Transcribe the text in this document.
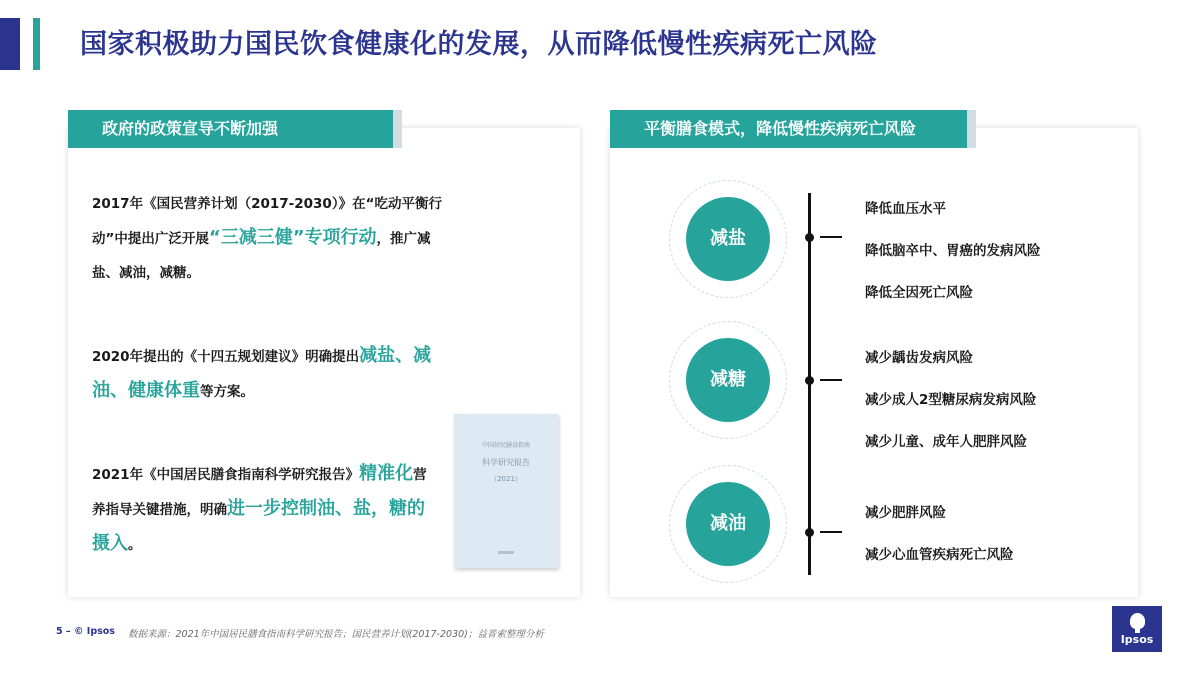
国家积极助力国民饮食健康化的发展，从而降低慢性疾病死亡风险
政府的政策宣导不断加强
2017年《国民营养计划（2017-2030）》在“吃动平衡行动”中提出广泛开展“三减三健”专项行动，推广减盐、减油，减糖。
2020年提出的《十四五规划建议》明确提出减盐、减油、健康体重等方案。
2021年《中国居民膳食指南科学研究报告》精准化营养指导关键措施，明确进一步控制油、盐，糖的摄入。
中国居民膳食指南
科学研究报告
（2021）
平衡膳食模式，降低慢性疾病死亡风险
减盐
减糖
减油
降低血压水平
降低脑卒中、胃癌的发病风险
降低全因死亡风险
减少龋齿发病风险
减少成人2型糖尿病发病风险
减少儿童、成年人肥胖风险
减少肥胖风险
减少心血管疾病死亡风险
5 – © Ipsos 数据来源：2021年中国居民膳食指南科学研究报告；国民营养计划(2017-2030)；益普索整理分析	Ipsos
